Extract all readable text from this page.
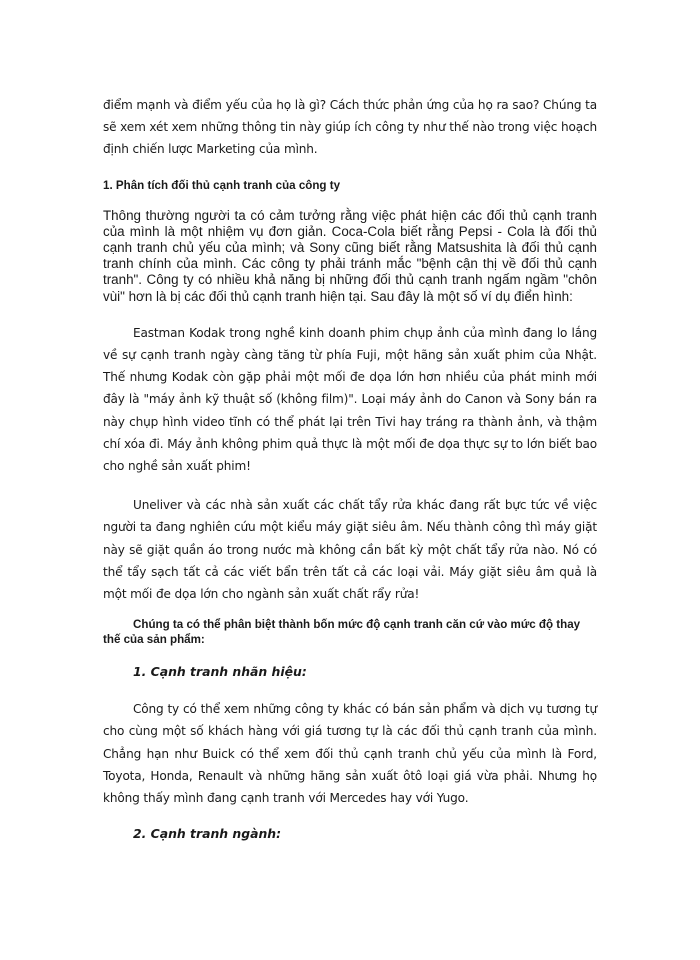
điểm mạnh và điểm yếu của họ là gì? Cách thức phản ứng của họ ra sao? Chúng ta sẽ xem xét xem những thông tin này giúp ích công ty như thế nào trong việc hoạch định chiến lược Marketing của mình.

1. Phân tích đối thủ cạnh tranh của công ty

Thông thường người ta có cảm tưởng rằng việc phát hiện các đối thủ cạnh tranh của mình là một nhiệm vụ đơn giản. Coca-Cola biết rằng Pepsi - Cola là đối thủ cạnh tranh chủ yếu của mình; và Sony cũng biết rằng Matsushita là đối thủ cạnh tranh chính của mình. Các công ty phải tránh mắc "bệnh cận thị về đối thủ cạnh tranh". Công ty có nhiều khả năng bị những đối thủ cạnh tranh ngấm ngầm "chôn vùi" hơn là bị các đối thủ cạnh tranh hiện tại. Sau đây là một số ví dụ điển hình:

Eastman Kodak trong nghề kinh doanh phim chụp ảnh của mình đang lo lắng về sự cạnh tranh ngày càng tăng từ phía Fuji, một hãng sản xuất phim của Nhật. Thế nhưng Kodak còn gặp phải một mối đe dọa lớn hơn nhiều của phát minh mới đây là "máy ảnh kỹ thuật số (không film)". Loại máy ảnh do Canon và Sony bán ra này chụp hình video tĩnh có thể phát lại trên Tivi hay tráng ra thành ảnh, và thậm chí xóa đi. Máy ảnh không phim quả thực là một mối đe dọa thực sự to lớn biết bao cho nghề sản xuất phim!

Uneliver và các nhà sản xuất các chất tẩy rửa khác đang rất bực tức về việc người ta đang nghiên cứu một kiểu máy giặt siêu âm. Nếu thành công thì máy giặt này sẽ giặt quần áo trong nước mà không cần bất kỳ một chất tẩy rửa nào. Nó có thể tẩy sạch tất cả các viết bẩn trên tất cả các loại vải. Máy giặt siêu âm quả là một mối đe dọa lớn cho ngành sản xuất chất rẩy rửa!

Chúng ta có thể phân biệt thành bốn mức độ cạnh tranh căn cứ vào mức độ thay thế của sản phẩm:

1. Cạnh tranh nhãn hiệu:

Công ty có thể xem những công ty khác có bán sản phẩm và dịch vụ tương tự cho cùng một số khách hàng với giá tương tự là các đối thủ cạnh tranh của mình. Chẳng hạn như Buick có thể xem đối thủ cạnh tranh chủ yếu của mình là Ford, Toyota, Honda, Renault và những hãng sản xuất ôtô loại giá vừa phải. Nhưng họ không thấy mình đang cạnh tranh với Mercedes hay với Yugo.

2. Cạnh tranh ngành:
